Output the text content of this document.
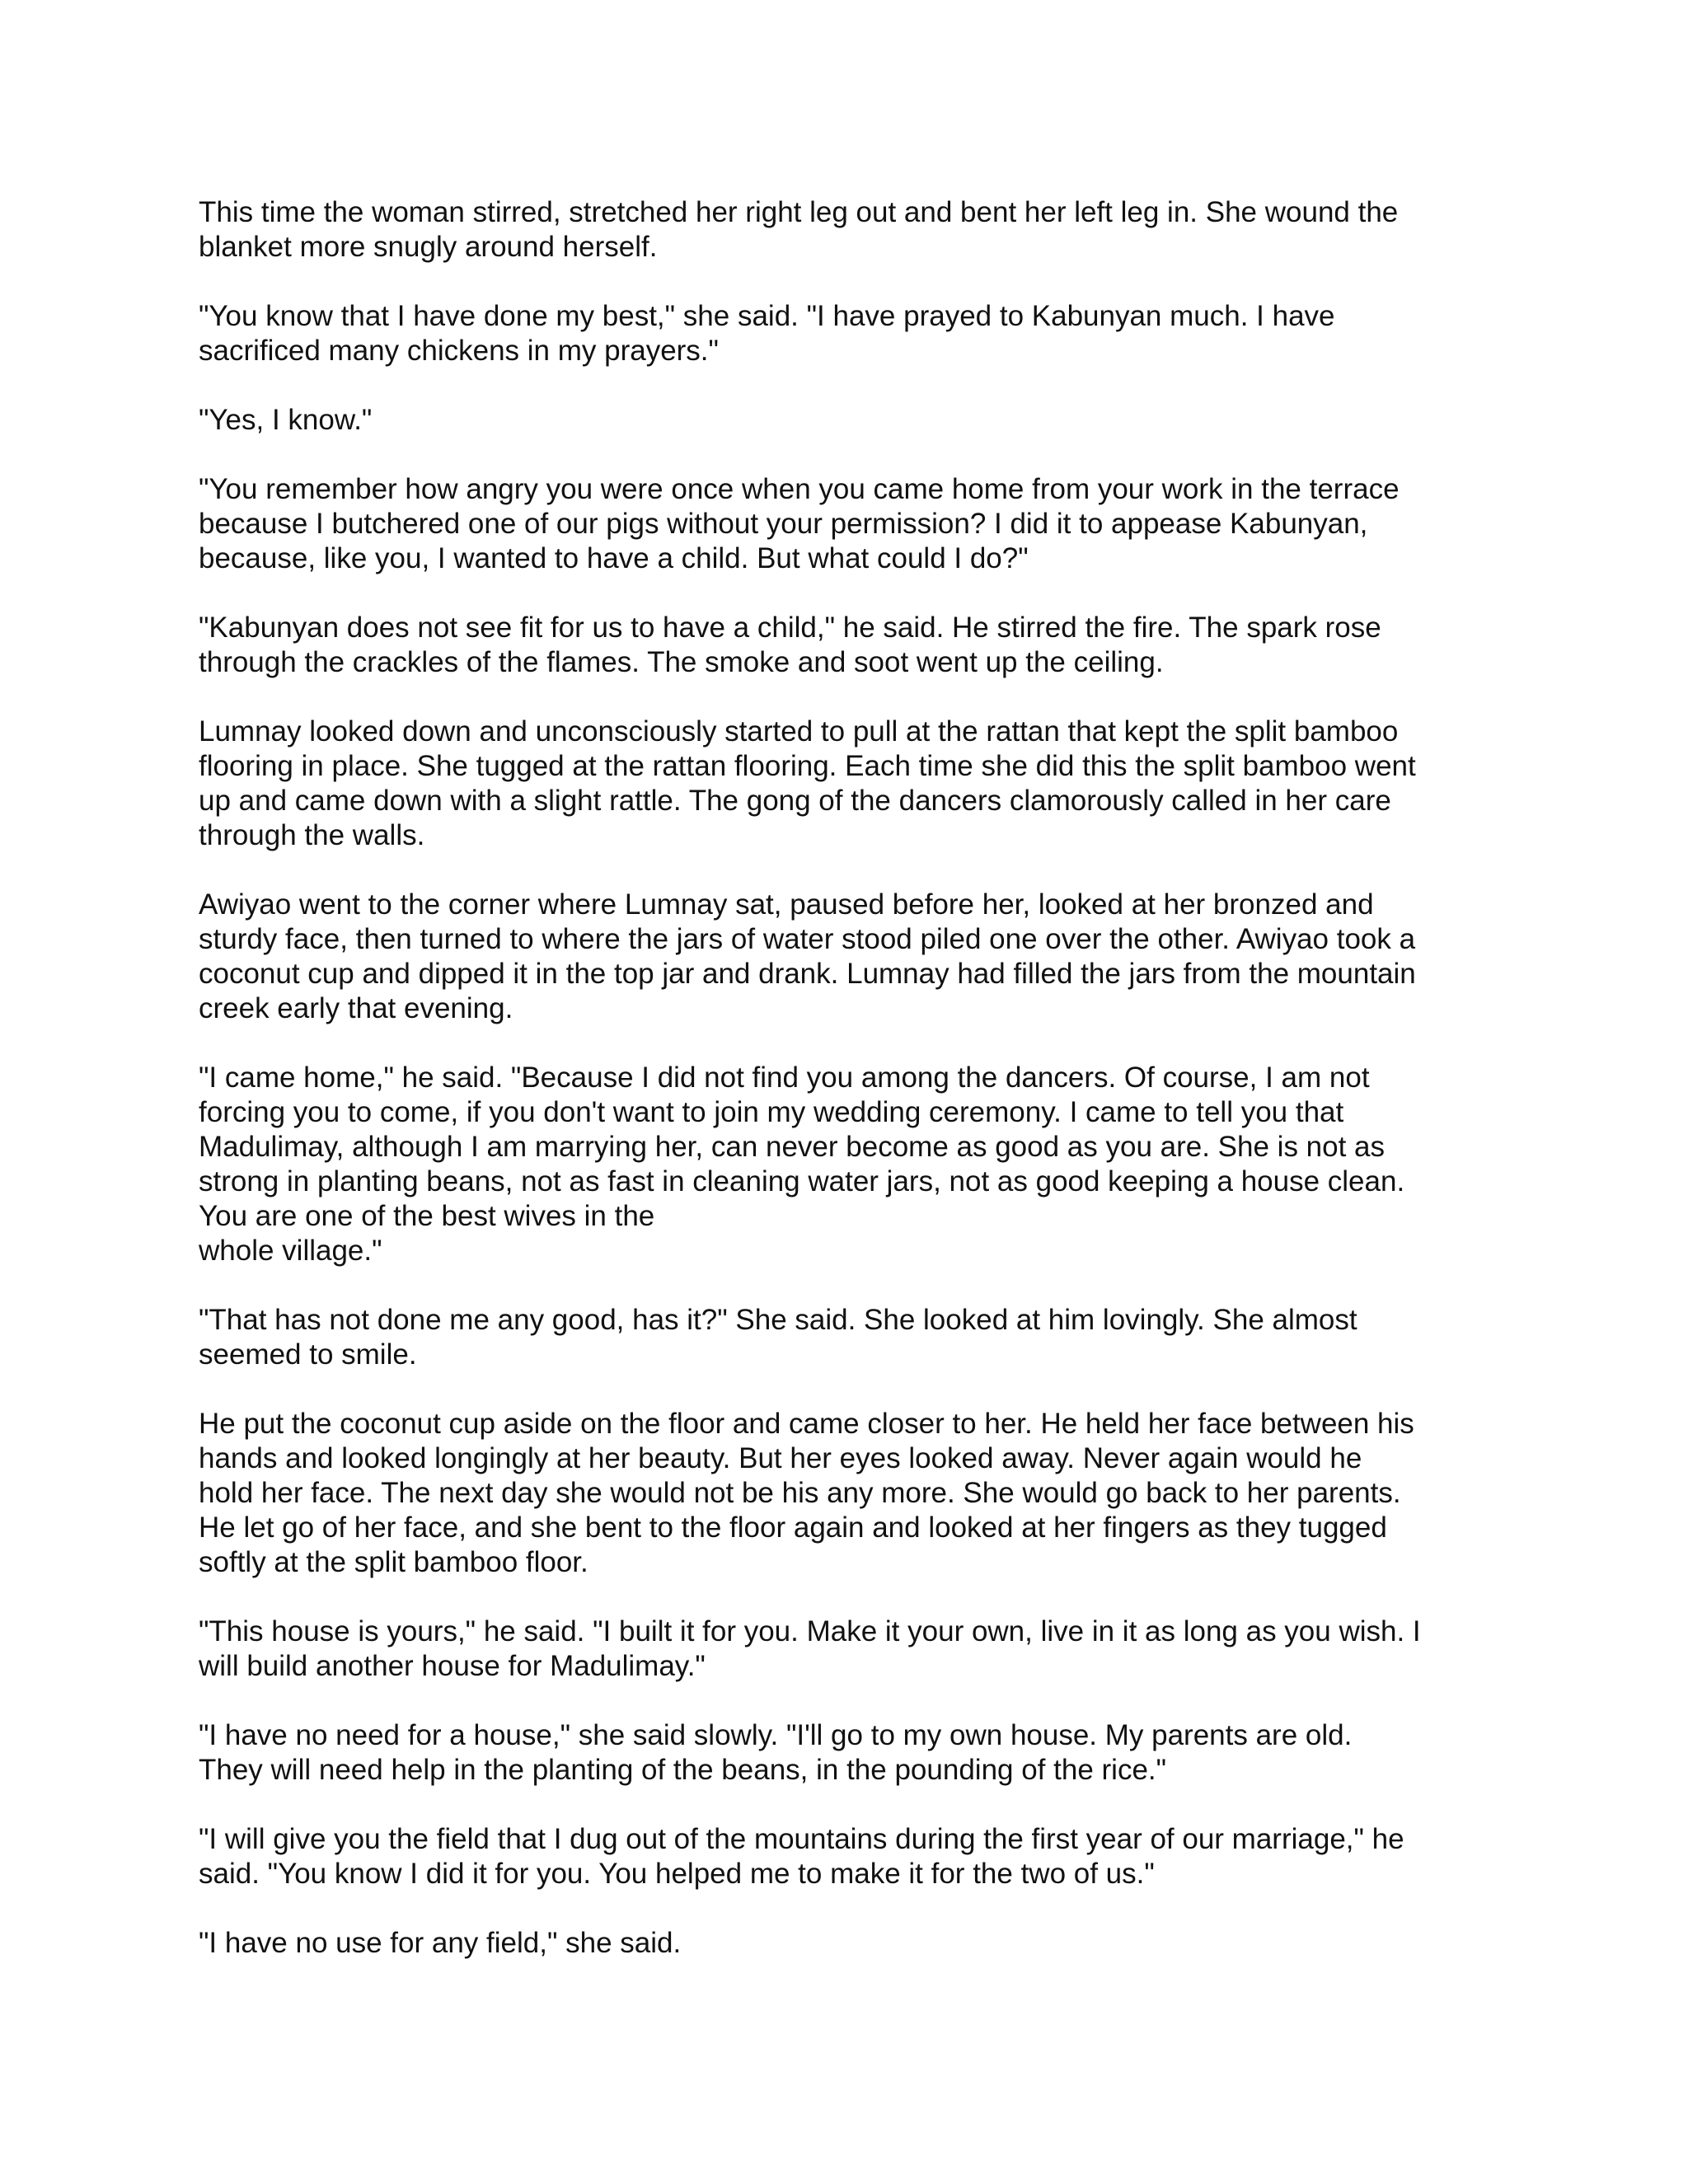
This time the woman stirred, stretched her right leg out and bent her left leg in. She wound the
blanket more snugly around herself.
"You know that I have done my best," she said. "I have prayed to Kabunyan much. I have
sacrificed many chickens in my prayers."
"Yes, I know."
"You remember how angry you were once when you came home from your work in the terrace
because I butchered one of our pigs without your permission? I did it to appease Kabunyan,
because, like you, I wanted to have a child. But what could I do?"
"Kabunyan does not see fit for us to have a child," he said. He stirred the fire. The spark rose
through the crackles of the flames. The smoke and soot went up the ceiling.
Lumnay looked down and unconsciously started to pull at the rattan that kept the split bamboo
flooring in place. She tugged at the rattan flooring. Each time she did this the split bamboo went
up and came down with a slight rattle. The gong of the dancers clamorously called in her care
through the walls.
Awiyao went to the corner where Lumnay sat, paused before her, looked at her bronzed and
sturdy face, then turned to where the jars of water stood piled one over the other. Awiyao took a
coconut cup and dipped it in the top jar and drank. Lumnay had filled the jars from the mountain
creek early that evening.
"I came home," he said. "Because I did not find you among the dancers. Of course, I am not
forcing you to come, if you don't want to join my wedding ceremony. I came to tell you that
Madulimay, although I am marrying her, can never become as good as you are. She is not as
strong in planting beans, not as fast in cleaning water jars, not as good keeping a house clean.
You are one of the best wives in the
whole village."
"That has not done me any good, has it?" She said. She looked at him lovingly. She almost
seemed to smile.
He put the coconut cup aside on the floor and came closer to her. He held her face between his
hands and looked longingly at her beauty. But her eyes looked away. Never again would he
hold her face. The next day she would not be his any more. She would go back to her parents.
He let go of her face, and she bent to the floor again and looked at her fingers as they tugged
softly at the split bamboo floor.
"This house is yours," he said. "I built it for you. Make it your own, live in it as long as you wish. I
will build another house for Madulimay."
"I have no need for a house," she said slowly. "I'll go to my own house. My parents are old.
They will need help in the planting of the beans, in the pounding of the rice."
"I will give you the field that I dug out of the mountains during the first year of our marriage," he
said. "You know I did it for you. You helped me to make it for the two of us."
"I have no use for any field," she said.
